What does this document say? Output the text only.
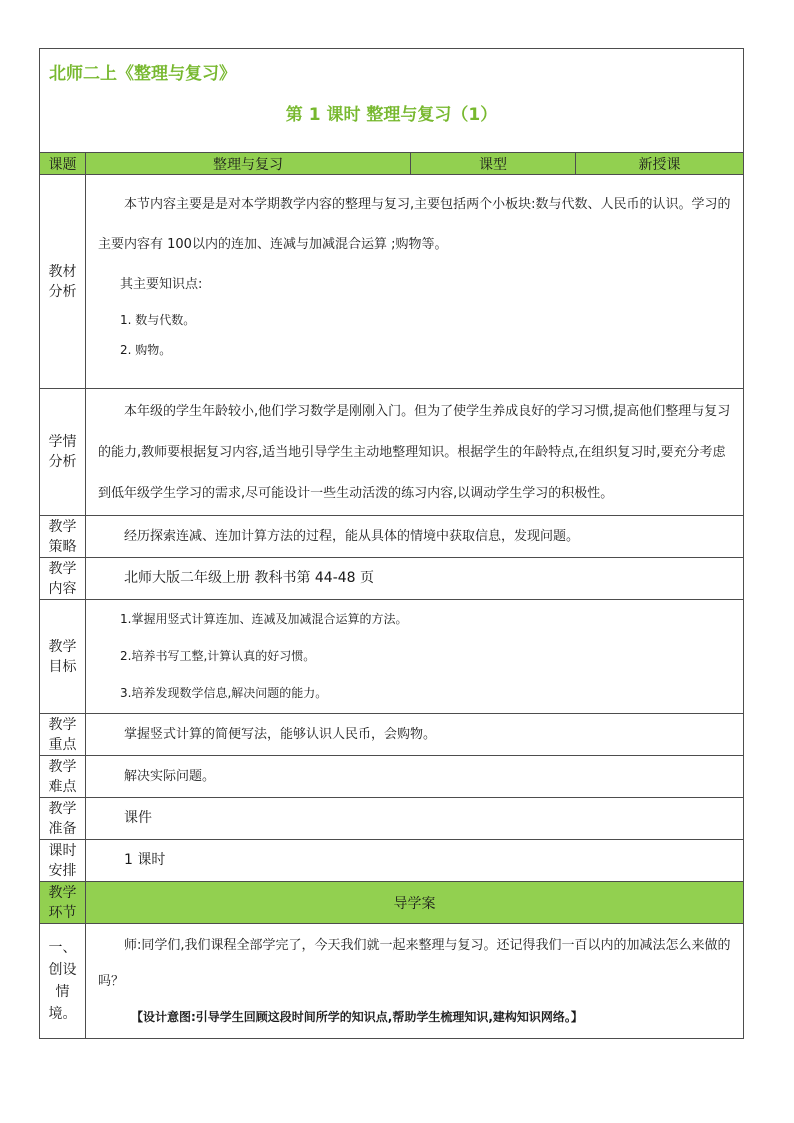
北师二上《整理与复习》
第 1 课时 整理与复习（1）			

课题	整理与复习	课型	新授课

教材分析	本节内容主要是是对本学期教学内容的整理与复习,主要包括两个小板块:数与代数、人民币的认识。学习的主要内容有 100以内的连加、连减与加减混合运算 ;购物等。

其主要知识点:

1. 数与代数。

2. 购物。		

学情分析	本年级的学生年龄较小,他们学习数学是刚刚入门。但为了使学生养成良好的学习习惯,提高他们整理与复习的能力,教师要根据复习内容,适当地引导学生主动地整理知识。根据学生的年龄特点,在组织复习时,要充分考虑到低年级学生学习的需求,尽可能设计一些生动活泼的练习内容,以调动学生学习的积极性。		

教学策略	经历探索连减、连加计算方法的过程，能从具体的情境中获取信息，发现问题。		

教学内容	北师大版二年级上册 教科书第 44-48 页		

教学目标	1.掌握用竖式计算连加、连减及加减混合运算的方法。

2.培养书写工整,计算认真的好习惯。

3.培养发现数学信息,解决问题的能力。		

教学重点	掌握竖式计算的简便写法，能够认识人民币，会购物。		

教学难点	解决实际问题。		

教学准备	课件		

课时安排	1 课时		

教学环节	导学案		

一、创设情境。	师:同学们,我们课程全部学完了，今天我们就一起来整理与复习。还记得我们一百以内的加减法怎么来做的吗？

【设计意图:引导学生回顾这段时间所学的知识点,帮助学生梳理知识,建构知识网络。】		
